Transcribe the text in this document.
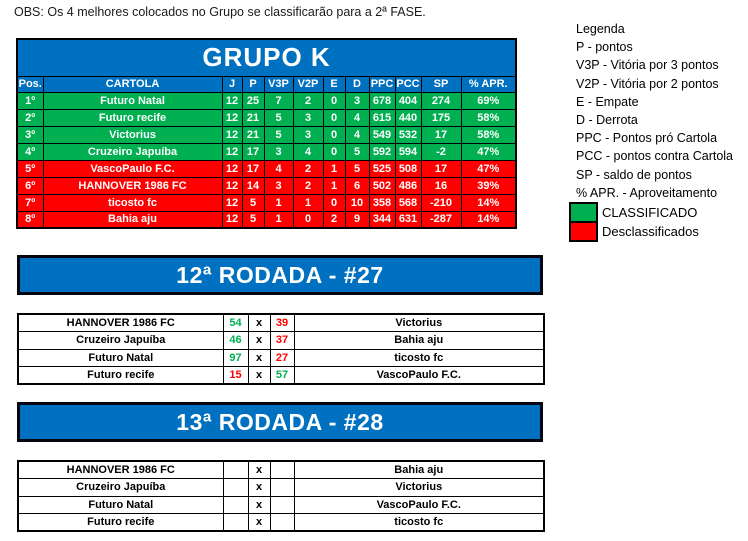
OBS: Os 4 melhores colocados no Grupo se classificarão para a 2ª FASE.
GRUPO K											
Pos.	CARTOLA	J	P	V3P	V2P	E	D	PPC	PCC	SP	% APR.
1º	Futuro Natal	12	25	7	2	0	3	678	404	274	69%
2º	Futuro recife	12	21	5	3	0	4	615	440	175	58%
3º	Victorius	12	21	5	3	0	4	549	532	17	58%
4º	Cruzeiro Japuíba	12	17	3	4	0	5	592	594	-2	47%
5º	VascoPaulo F.C.	12	17	4	2	1	5	525	508	17	47%
6º	HANNOVER 1986 FC	12	14	3	2	1	6	502	486	16	39%
7º	ticosto fc	12	5	1	1	0	10	358	568	-210	14%
8º	Bahia aju	12	5	1	0	2	9	344	631	-287	14%
Legenda
P - pontos
V3P - Vitória por 3 pontos
V2P - Vitória por 2 pontos
E - Empate
D - Derrota
PPC - Pontos pró Cartola
PCC - pontos contra Cartola
SP - saldo de pontos
% APR. - Aproveitamento
CLASSIFICADO
Desclassificados
12ª RODADA - #27
HANNOVER 1986 FC	54	x	39	Victorius
Cruzeiro Japuíba	46	x	37	Bahia aju
Futuro Natal	97	x	27	ticosto fc
Futuro recife	15	x	57	VascoPaulo F.C.
13ª RODADA - #28
HANNOVER 1986 FC		x		Bahia aju
Cruzeiro Japuíba		x		Victorius
Futuro Natal		x		VascoPaulo F.C.
Futuro recife		x		ticosto fc
